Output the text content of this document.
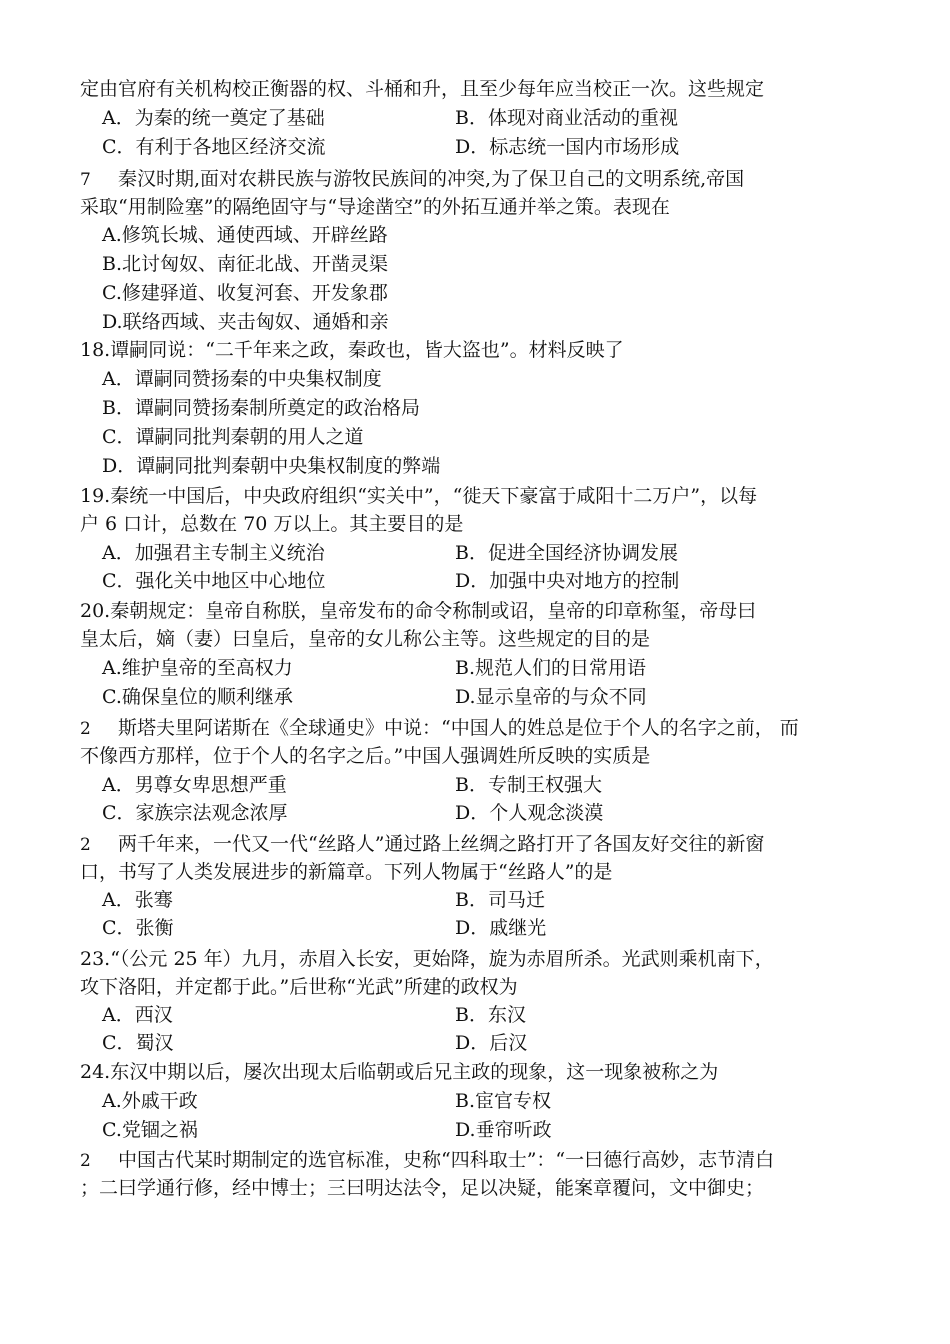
定由官府有关机构校正衡器的权、斗桶和升，且至少每年应当校正一次。这些规定
A．为秦的统一奠定了基础	B．体现对商业活动的重视
C．有利于各地区经济交流	D．标志统一国内市场形成
7 秦汉时期,面对农耕民族与游牧民族间的冲突,为了保卫自己的文明系统,帝国
采取“用制险塞”的隔绝固守与“导途凿空”的外拓互通并举之策。表现在
A.修筑长城、通使西域、开辟丝路
B.北讨匈奴、南征北战、开凿灵渠
C.修建驿道、收复河套、开发象郡
D.联络西域、夹击匈奴、通婚和亲
18.谭嗣同说：“二千年来之政，秦政也，皆大盗也”。材料反映了
A．谭嗣同赞扬秦的中央集权制度
B．谭嗣同赞扬秦制所奠定的政治格局
C．谭嗣同批判秦朝的用人之道
D．谭嗣同批判秦朝中央集权制度的弊端
19.秦统一中国后，中央政府组织“实关中”，“徙天下豪富于咸阳十二万户”，以每
户 6 口计，总数在 70 万以上。其主要目的是
A．加强君主专制主义统治	B．促进全国经济协调发展
C．强化关中地区中心地位	D．加强中央对地方的控制
20.秦朝规定：皇帝自称朕，皇帝发布的命令称制或诏，皇帝的印章称玺，帝母曰
皇太后，嫡（妻）曰皇后，皇帝的女儿称公主等。这些规定的目的是
A.维护皇帝的至高权力	B.规范人们的日常用语
C.确保皇位的顺利继承	D.显示皇帝的与众不同
2 斯塔夫里阿诺斯在《全球通史》中说：“中国人的姓总是位于个人的名字之前， 而
不像西方那样，位于个人的名字之后。”中国人强调姓所反映的实质是
A．男尊女卑思想严重	B．专制王权强大
C．家族宗法观念浓厚	D．个人观念淡漠
2 两千年来，一代又一代“丝路人”通过路上丝绸之路打开了各国友好交往的新窗
口，书写了人类发展进步的新篇章。下列人物属于“丝路人”的是
A．张骞	B．司马迁
C．张衡	D．戚继光
23.“（公元 25 年）九月，赤眉入长安，更始降，旋为赤眉所杀。光武则乘机南下，
攻下洛阳，并定都于此。”后世称“光武”所建的政权为
A．西汉	B．东汉
C．蜀汉	D．后汉
24.东汉中期以后，屡次出现太后临朝或后兄主政的现象，这一现象被称之为
A.外戚干政	B.宦官专权
C.党锢之祸	D.垂帘听政
2 中国古代某时期制定的选官标准，史称“四科取士”：“一曰德行高妙，志节清白
；二曰学通行修，经中博士；三曰明达法令，足以决疑，能案章覆问，文中御史；
